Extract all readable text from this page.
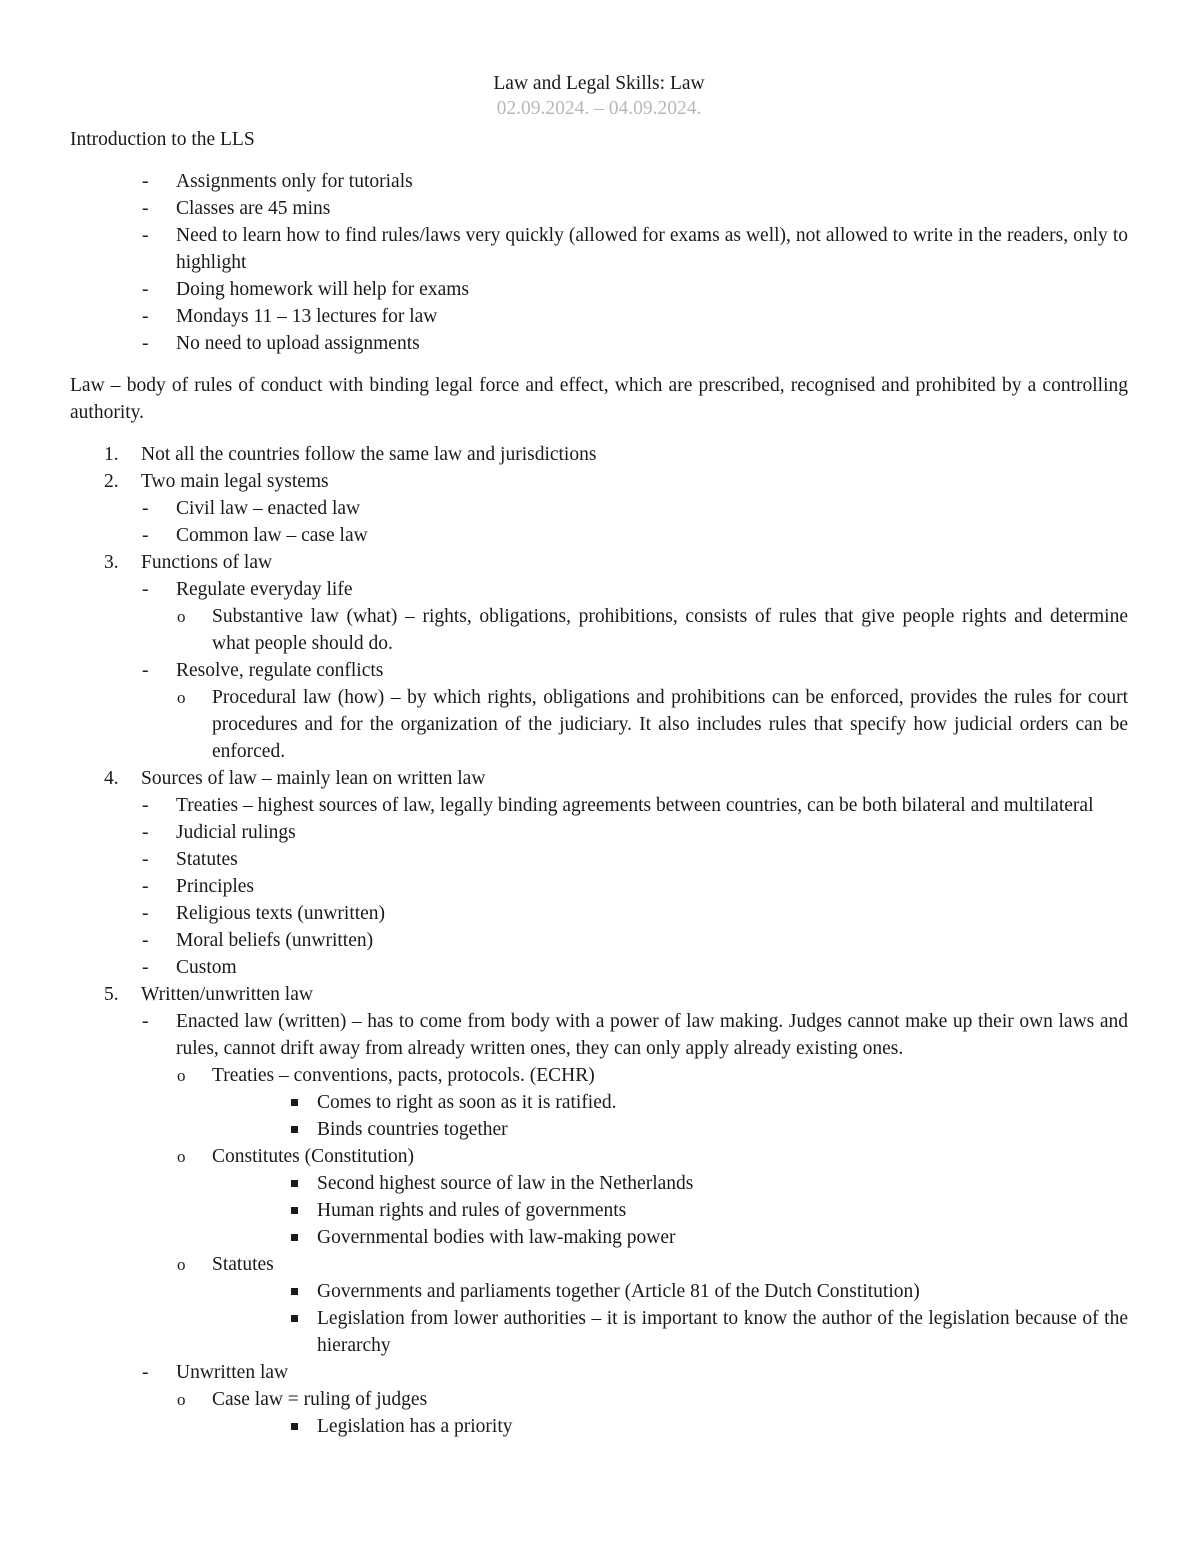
Law and Legal Skills: Law
02.09.2024. – 04.09.2024.
Introduction to the LLS
- Assignments only for tutorials
- Classes are 45 mins
- Need to learn how to find rules/laws very quickly (allowed for exams as well), not allowed to write in the readers, only to highlight
- Doing homework will help for exams
- Mondays 11 – 13 lectures for law
- No need to upload assignments

Law – body of rules of conduct with binding legal force and effect, which are prescribed, recognised and prohibited by a controlling authority.

1. Not all the countries follow the same law and jurisdictions
2. Two main legal systems
- Civil law – enacted law
- Common law – case law
3. Functions of law
- Regulate everyday life
o Substantive law (what) – rights, obligations, prohibitions, consists of rules that give people rights and determine what people should do.
- Resolve, regulate conflicts
o Procedural law (how) – by which rights, obligations and prohibitions can be enforced, provides the rules for court procedures and for the organization of the judiciary. It also includes rules that specify how judicial orders can be enforced.
4. Sources of law – mainly lean on written law
- Treaties – highest sources of law, legally binding agreements between countries, can be both bilateral and multilateral
- Judicial rulings
- Statutes
- Principles
- Religious texts (unwritten)
- Moral beliefs (unwritten)
- Custom
5. Written/unwritten law
- Enacted law (written) – has to come from body with a power of law making. Judges cannot make up their own laws and rules, cannot drift away from already written ones, they can only apply already existing ones.
o Treaties – conventions, pacts, protocols. (ECHR)
Comes to right as soon as it is ratified.
Binds countries together
o Constitutes (Constitution)
Second highest source of law in the Netherlands
Human rights and rules of governments
Governmental bodies with law-making power
o Statutes
Governments and parliaments together (Article 81 of the Dutch Constitution)
Legislation from lower authorities – it is important to know the author of the legislation because of the hierarchy
- Unwritten law
o Case law = ruling of judges
Legislation has a priority
